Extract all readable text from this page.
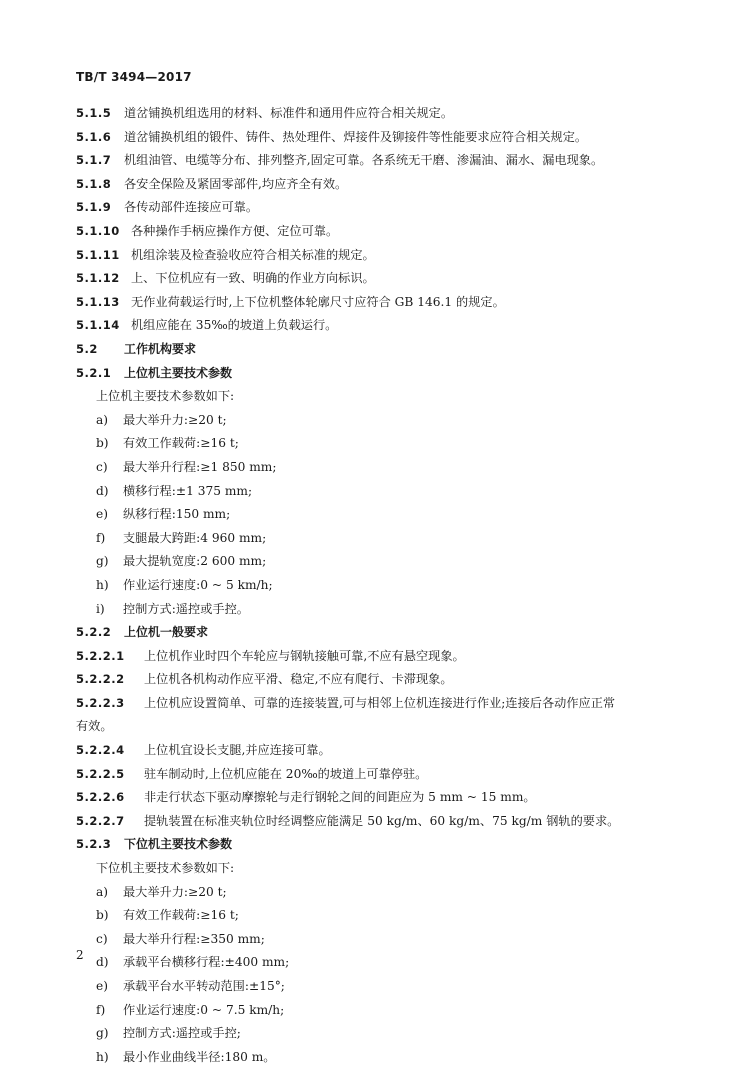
TB/T 3494—2017
5.1.5 道岔铺换机组选用的材料、标准件和通用件应符合相关规定。
5.1.6 道岔铺换机组的锻件、铸件、热处理件、焊接件及铆接件等性能要求应符合相关规定。
5.1.7 机组油管、电缆等分布、排列整齐,固定可靠。各系统无干磨、渗漏油、漏水、漏电现象。
5.1.8 各安全保险及紧固零部件,均应齐全有效。
5.1.9 各传动部件连接应可靠。
5.1.10 各种操作手柄应操作方便、定位可靠。
5.1.11 机组涂装及检查验收应符合相关标准的规定。
5.1.12 上、下位机应有一致、明确的作业方向标识。
5.1.13 无作业荷载运行时,上下位机整体轮廓尺寸应符合 GB 146.1 的规定。
5.1.14 机组应能在 35‰的坡道上负载运行。
5.2 工作机构要求
5.2.1 上位机主要技术参数
上位机主要技术参数如下:
a) 最大举升力:≥20 t;
b) 有效工作载荷:≥16 t;
c) 最大举升行程:≥1 850 mm;
d) 横移行程:±1 375 mm;
e) 纵移行程:150 mm;
f) 支腿最大跨距:4 960 mm;
g) 最大提轨宽度:2 600 mm;
h) 作业运行速度:0 ~ 5 km/h;
i) 控制方式:遥控或手控。
5.2.2 上位机一般要求
5.2.2.1 上位机作业时四个车轮应与钢轨接触可靠,不应有悬空现象。
5.2.2.2 上位机各机构动作应平滑、稳定,不应有爬行、卡滞现象。
5.2.2.3 上位机应设置简单、可靠的连接装置,可与相邻上位机连接进行作业;连接后各动作应正常
有效。
5.2.2.4 上位机宜设长支腿,并应连接可靠。
5.2.2.5 驻车制动时,上位机应能在 20‰的坡道上可靠停驻。
5.2.2.6 非走行状态下驱动摩擦轮与走行钢轮之间的间距应为 5 mm ~ 15 mm。
5.2.2.7 提轨装置在标准夹轨位时经调整应能满足 50 kg/m、60 kg/m、75 kg/m 钢轨的要求。
5.2.3 下位机主要技术参数
下位机主要技术参数如下:
a) 最大举升力:≥20 t;
b) 有效工作载荷:≥16 t;
c) 最大举升行程:≥350 mm;
d) 承载平台横移行程:±400 mm;
e) 承载平台水平转动范围:±15°;
f) 作业运行速度:0 ~ 7.5 km/h;
g) 控制方式:遥控或手控;
h) 最小作业曲线半径:180 m。
2
